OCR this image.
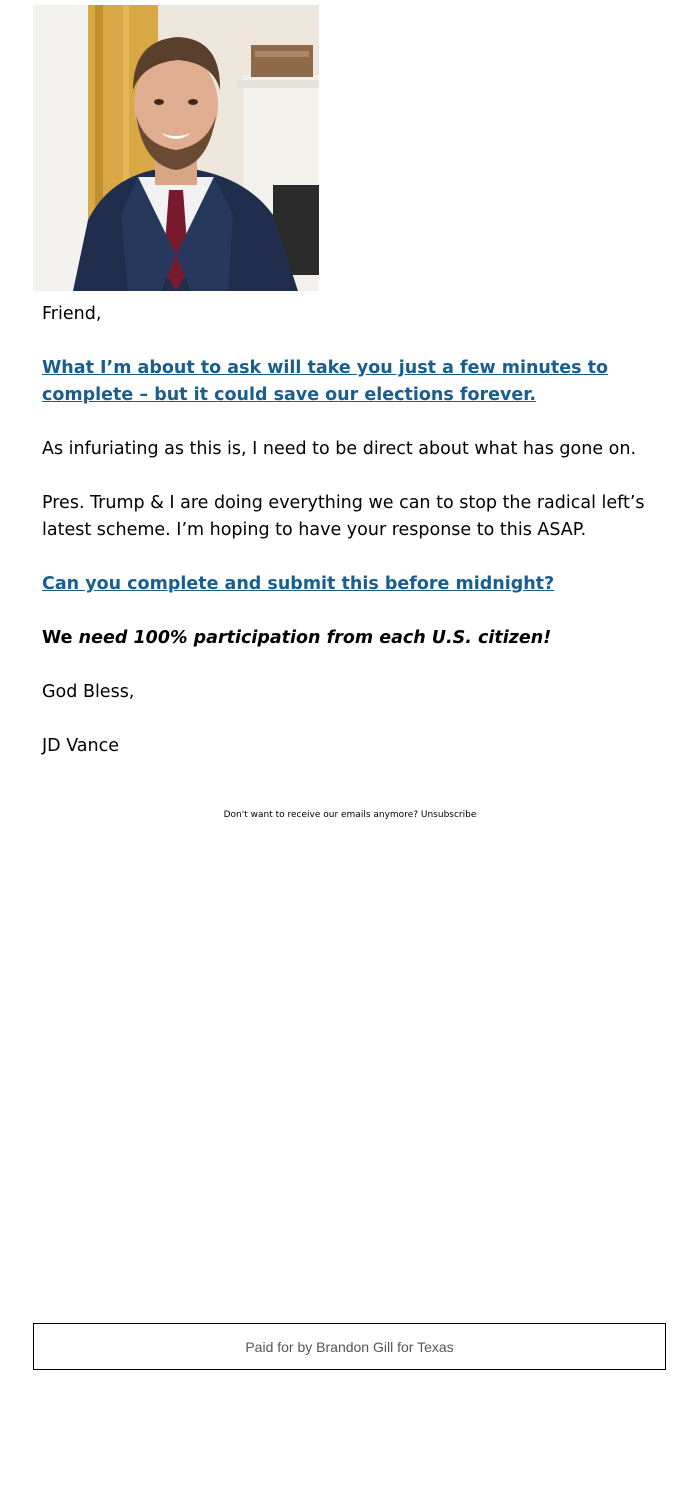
Friend,

What I’m about to ask will take you just a few minutes to complete – but it could save our elections forever.

As infuriating as this is, I need to be direct about what has gone on.

Pres. Trump & I are doing everything we can to stop the radical left’s latest scheme. I’m hoping to have your response to this ASAP.

Can you complete and submit this before midnight?

We need 100% participation from each U.S. citizen!

God Bless,

JD Vance

Don't want to receive our emails anymore? Unsubscribe
Paid for by Brandon Gill for Texas
